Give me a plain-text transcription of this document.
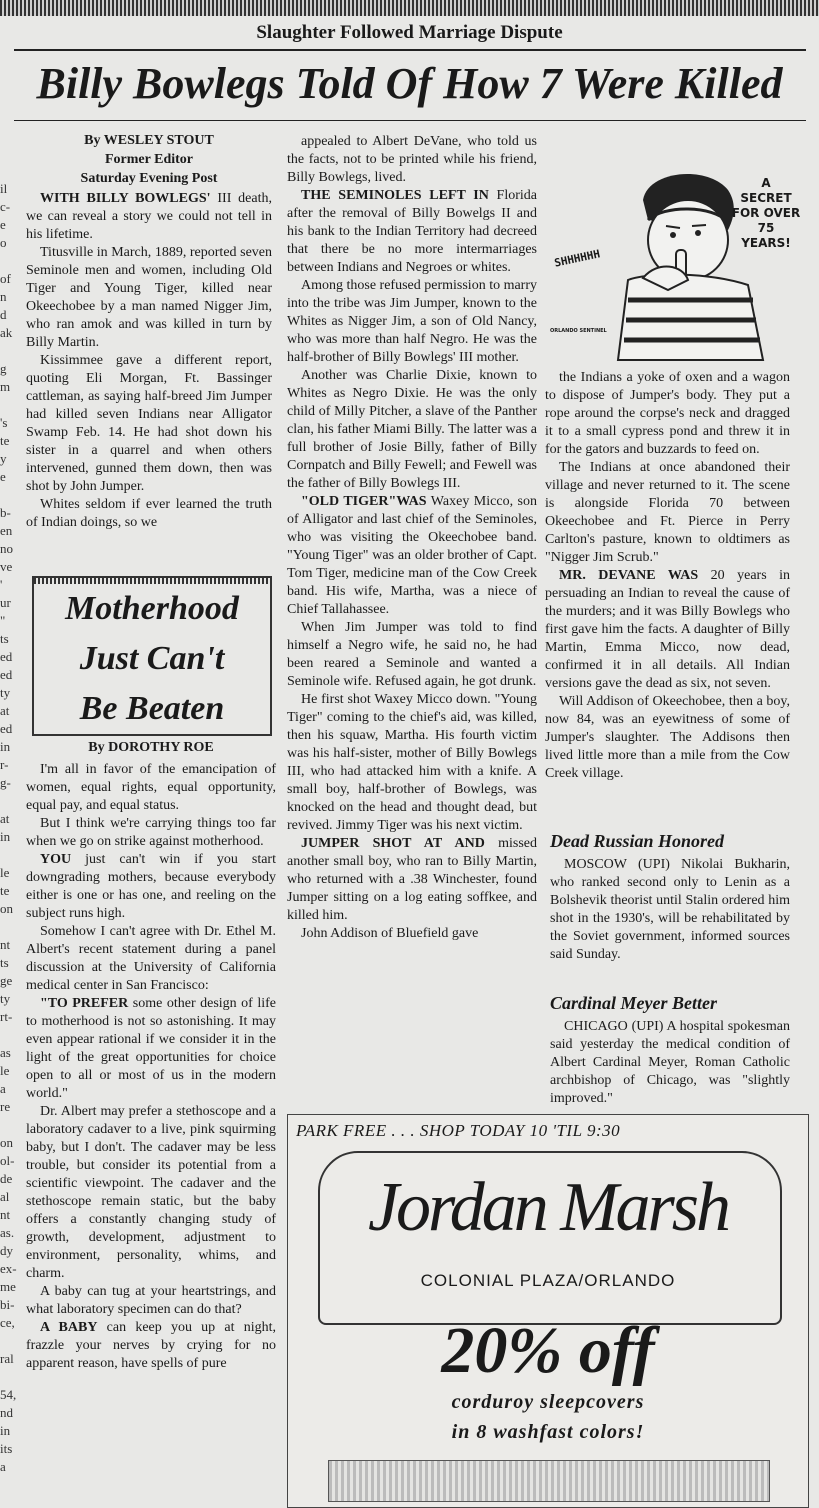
Slaughter Followed Marriage Dispute
Billy Bowlegs Told Of How 7 Were Killed
il
c-
e
o
of
n
d
ak
g
m
's
te
y
e
b-
en
no
ve
'
ur
"
ts
ed
ed
ty
at
ed
in
r-
g-
at
in
le
te
on
nt
ts
ge
ty
rt-
as
le
a
re
on
ol-
de
al
nt
as.
dy
ex-
me
bi-
ce,
ral
54,
nd
in
its
a
By WESLEY STOUT
Former Editor
Saturday Evening Post

WITH BILLY BOWLEGS' III death, we can reveal a story we could not tell in his lifetime.

Titusville in March, 1889, reported seven Seminole men and women, including Old Tiger and Young Tiger, killed near Okeechobee by a man named Nigger Jim, who ran amok and was killed in turn by Billy Martin.

Kissimmee gave a different report, quoting Eli Morgan, Ft. Bassinger cattleman, as saying half-breed Jim Jumper had killed seven Indians near Alligator Swamp Feb. 14. He had shot down his sister in a quarrel and when others intervened, gunned them down, then was shot by John Jumper.

Whites seldom if ever learned the truth of Indian doings, so we

appealed to Albert DeVane, who told us the facts, not to be printed while his friend, Billy Bowlegs, lived.

THE SEMINOLES LEFT IN Florida after the removal of Billy Bowelgs II and his bank to the Indian Territory had decreed that there be no more intermarriages between Indians and Negroes or whites.

Among those refused permission to marry into the tribe was Jim Jumper, known to the Whites as Nigger Jim, a son of Old Nancy, who was more than half Negro. He was the half-brother of Billy Bowlegs' III mother.

Another was Charlie Dixie, known to Whites as Negro Dixie. He was the only child of Milly Pitcher, a slave of the Panther clan, his father Miami Billy. The latter was a full brother of Josie Billy, father of Billy Cornpatch and Billy Fewell; and Fewell was the father of Billy Bowlegs III.

"OLD TIGER"WAS Waxey Micco, son of Alligator and last chief of the Seminoles, who was visiting the Okeechobee band. "Young Tiger" was an older brother of Capt. Tom Tiger, medicine man of the Cow Creek band. His wife, Martha, was a niece of Chief Tallahassee.

When Jim Jumper was told to find himself a Negro wife, he said no, he had been reared a Seminole and wanted a Seminole wife. Refused again, he got drunk.

He first shot Waxey Micco down. "Young Tiger" coming to the chief's aid, was killed, then his squaw, Martha. His fourth victim was his half-sister, mother of Billy Bowlegs III, who had attacked him with a knife. A small boy, half-brother of Bowlegs, was knocked on the head and thought dead, but revived. Jimmy Tiger was his next victim.

JUMPER SHOT AT AND missed another small boy, who ran to Billy Martin, who returned with a .38 Winchester, found Jumper sitting on a log eating soffkee, and killed him.

John Addison of Bluefield gave

SHHHHHH
A
SECRET
FOR OVER
75
YEARS!
ORLANDO SENTINEL

the Indians a yoke of oxen and a wagon to dispose of Jumper's body. They put a rope around the corpse's neck and dragged it to a small cypress pond and threw it in for the gators and buzzards to feed on.

The Indians at once abandoned their village and never returned to it. The scene is alongside Florida 70 between Okeechobee and Ft. Pierce in Perry Carlton's pasture, known to oldtimers as "Nigger Jim Scrub."

MR. DEVANE WAS 20 years in persuading an Indian to reveal the cause of the murders; and it was Billy Bowlegs who first gave him the facts. A daughter of Billy Martin, Emma Micco, now dead, confirmed it in all details. All Indian versions gave the dead as six, not seven.

Will Addison of Okeechobee, then a boy, now 84, was an eyewitness of some of Jumper's slaughter. The Addisons then lived little more than a mile from the Cow Creek village.

Dead Russian Honored

MOSCOW (UPI) Nikolai Bukharin, who ranked second only to Lenin as a Bolshevik theorist until Stalin ordered him shot in the 1930's, will be rehabilitated by the Soviet government, informed sources said Sunday.

Cardinal Meyer Better

CHICAGO (UPI) A hospital spokesman said yesterday the medical condition of Albert Cardinal Meyer, Roman Catholic archbishop of Chicago, was "slightly improved."

Motherhood
Just Can't
Be Beaten
By DOROTHY ROE

I'm all in favor of the emancipation of women, equal rights, equal opportunity, equal pay, and equal status.

But I think we're carrying things too far when we go on strike against motherhood.

YOU just can't win if you start downgrading mothers, because everybody either is one or has one, and reeling on the subject runs high.

Somehow I can't agree with Dr. Ethel M. Albert's recent statement during a panel discussion at the University of California medical center in San Francisco:

"TO PREFER some other design of life to motherhood is not so astonishing. It may even appear rational if we consider it in the light of the great opportunities for choice open to all or most of us in the modern world."

Dr. Albert may prefer a stethoscope and a laboratory cadaver to a live, pink squirming baby, but I don't. The cadaver may be less trouble, but consider its potential from a scientific viewpoint. The cadaver and the stethoscope remain static, but the baby offers a constantly changing study of growth, development, adjustment to environment, personality, whims, and charm.

A baby can tug at your heartstrings, and what laboratory specimen can do that?

A BABY can keep you up at night, frazzle your nerves by crying for no apparent reason, have spells of pure

PARK FREE . . . SHOP TODAY 10 'TIL 9:30
Jordan Marsh
COLONIAL PLAZA/ORLANDO
20% off
corduroy sleepcovers
in 8 washfast colors!
